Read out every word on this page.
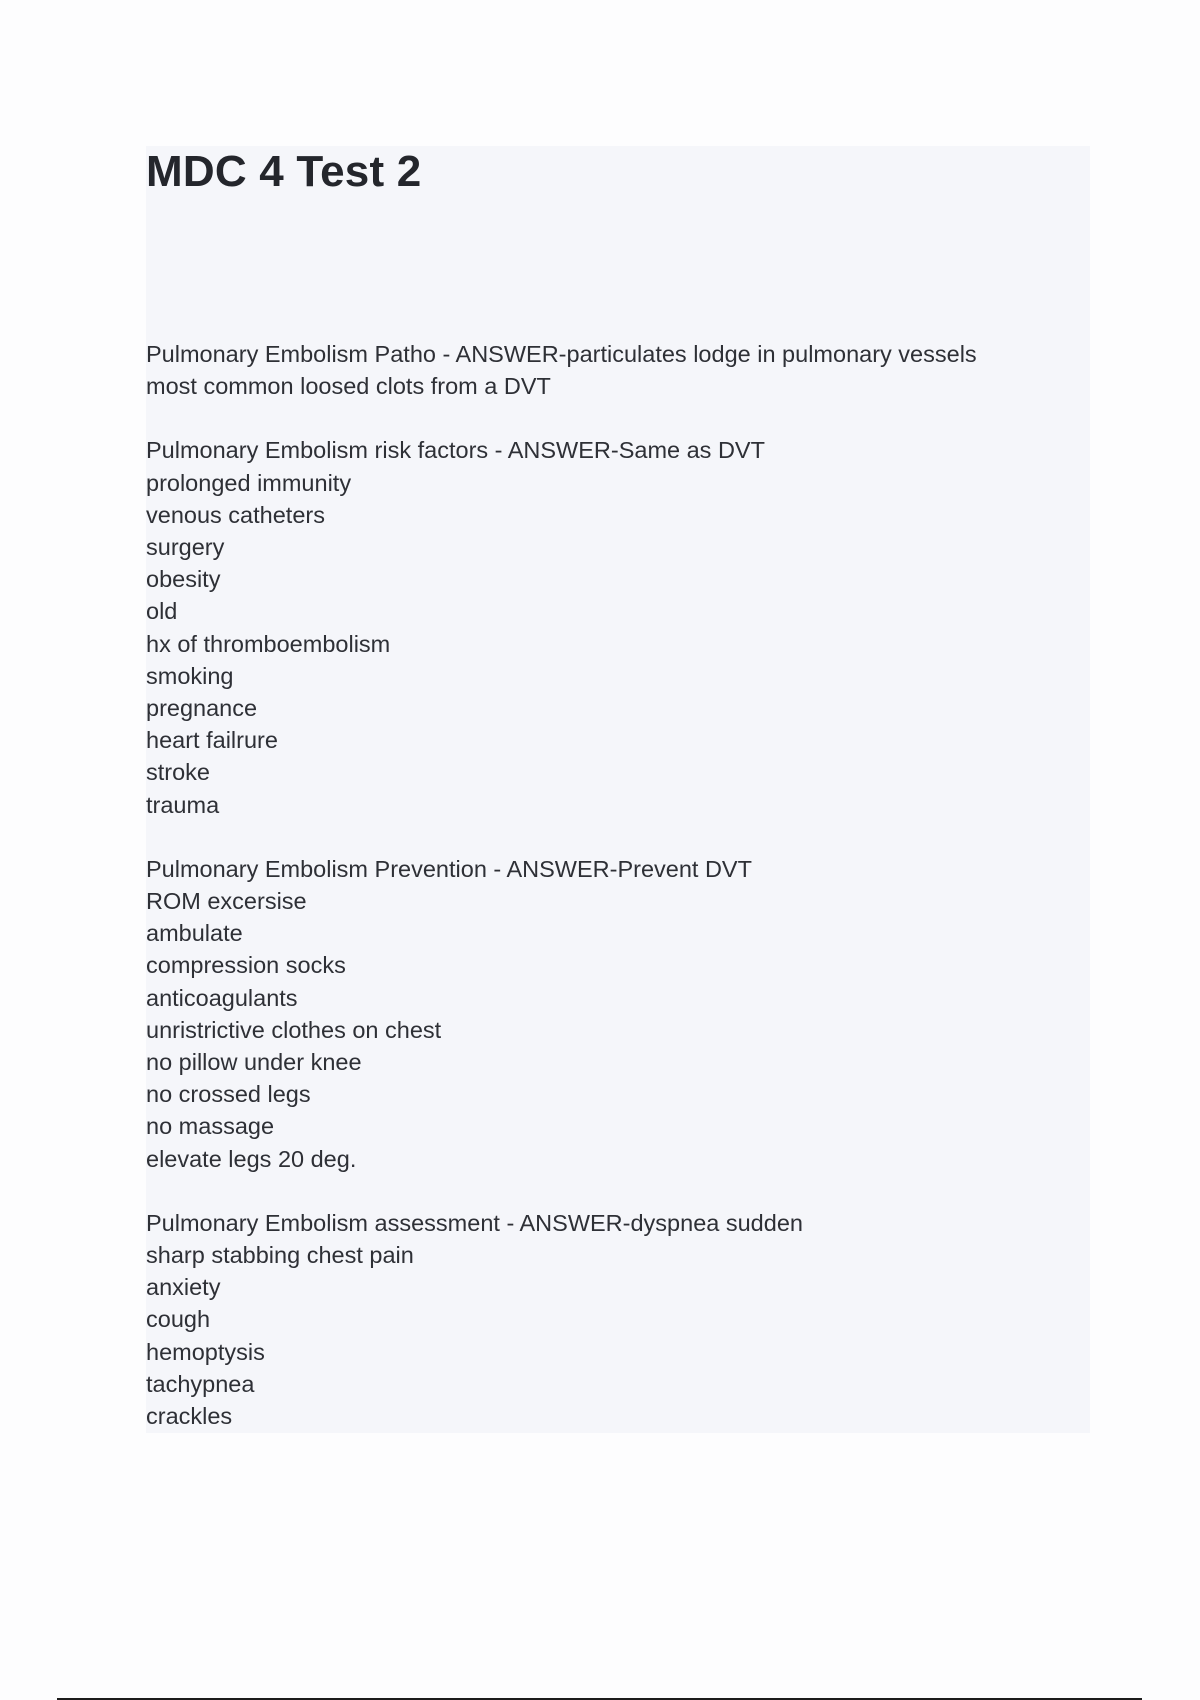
MDC 4 Test 2
Pulmonary Embolism Patho - ANSWER-particulates lodge in pulmonary vessels
most common loosed clots from a DVT
Pulmonary Embolism risk factors - ANSWER-Same as DVT
prolonged immunity
venous catheters
surgery
obesity
old
hx of thromboembolism
smoking
pregnance
heart failrure
stroke
trauma
Pulmonary Embolism Prevention - ANSWER-Prevent DVT
ROM excersise
ambulate
compression socks
anticoagulants
unristrictive clothes on chest
no pillow under knee
no crossed legs
no massage
elevate legs 20 deg.
Pulmonary Embolism assessment - ANSWER-dyspnea sudden
sharp stabbing chest pain
anxiety
cough
hemoptysis
tachypnea
crackles
